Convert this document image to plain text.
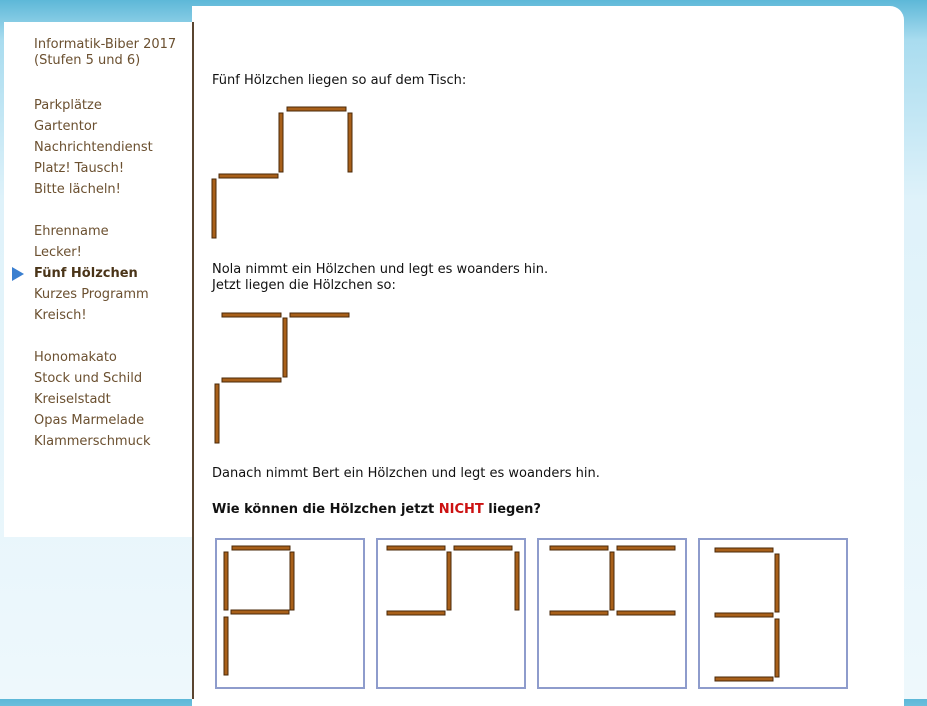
Informatik-Biber 2017
(Stufen 5 und 6)
Parkplätze
Gartentor
Nachrichtendienst
Platz! Tausch!
Bitte lächeln!
Ehrenname
Lecker!
Fünf Hölzchen
Kurzes Programm
Kreisch!
Honomakato
Stock und Schild
Kreiselstadt
Opas Marmelade
Klammerschmuck
Fünf Hölzchen liegen so auf dem Tisch:
Nola nimmt ein Hölzchen und legt es woanders hin.
Jetzt liegen die Hölzchen so:
Danach nimmt Bert ein Hölzchen und legt es woanders hin.
Wie können die Hölzchen jetzt NICHT liegen?
